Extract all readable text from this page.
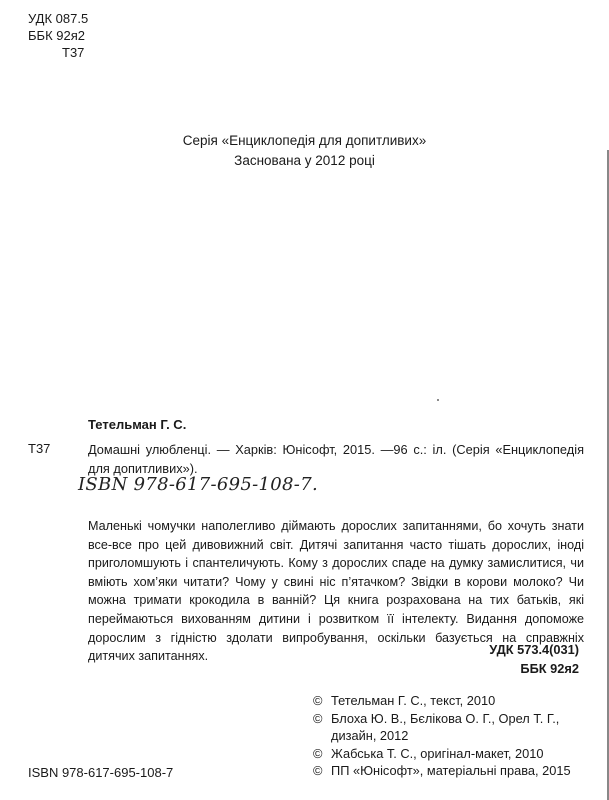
УДК 087.5
ББК 92я2
Т37
Серія «Енциклопедія для допитливих»
Заснована у 2012 році
Тетельман Г. С.
Т37	Домашні улюбленці. — Харків: Юнісофт, 2015. —96 с.: іл. (Серія «Енциклопедія для допитливих»).
ISBN 978-617-695-108-7.
Маленькі чомучки наполегливо діймають дорослих запитаннями, бо хочуть знати все-все про цей дивовижний світ. Дитячі запитання часто тішать дорослих, іноді приголомшують і спантеличують. Кому з дорослих спаде на думку замислитися, чи вміють хом’яки читати? Чому у свині ніс п’ятачком? Звідки в корови молоко? Чи можна тримати крокодила в ванній? Ця книга розрахована на тих батьків, які переймаються вихованням дитини і розвитком її інтелекту. Видання допоможе дорослим з гідністю здолати випробування, оскільки базується на справжніх дитячих запитаннях.	УДК 573.4(031)
ББК 92я2
© Тетельман Г. С., текст, 2010
© Блоха Ю. В., Бєлікова О. Г., Орел Т. Г.,
дизайн, 2012
© Жабська Т. С., оригінал-макет, 2010
© ПП «Юнісофт», матеріальні права, 2015
ISBN 978-617-695-108-7
